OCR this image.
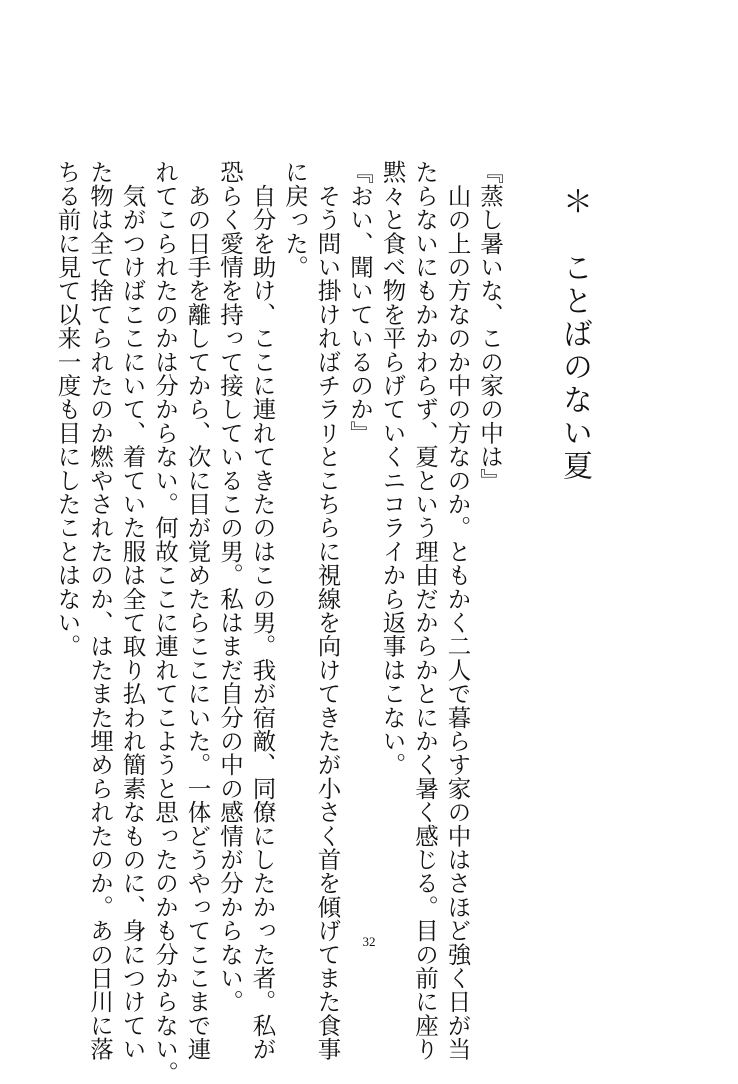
＊　ことばのない夏

『蒸し暑いな、この家の中は』

　山の上の方なのか中の方なのか。ともかく二人で暮らす家の中はさほど強く日が当

たらないにもかかわらず、夏という理由だからかとにかく暑く感じる。目の前に座り

黙々と食べ物を平らげていくニコライから返事はこない。

『おい、聞いているのか』

　そう問い掛ければチラリとこちらに視線を向けてきたが小さく首を傾げてまた食事

に戻った。

　自分を助け、ここに連れてきたのはこの男。我が宿敵、同僚にしたかった者。私が

恐らく愛情を持って接しているこの男。私はまだ自分の中の感情が分からない。

　あの日手を離してから、次に目が覚めたらここにいた。一体どうやってここまで連

れてこられたのかは分からない。何故ここに連れてこようと思ったのかも分からない。

　気がつけばここにいて、着ていた服は全て取り払われ簡素なものに、身につけてい

た物は全て捨てられたのか燃やされたのか、はたまた埋められたのか。あの日川に落

ちる前に見て以来一度も目にしたことはない。

32
